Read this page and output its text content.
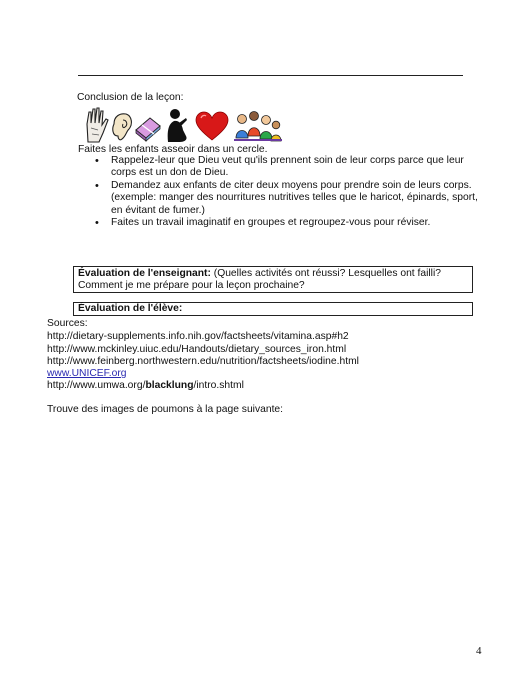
Conclusion de la leçon:
Faites les enfants asseoir dans un cercle.
• Rappelez-leur que Dieu veut qu'ils prennent soin de leur corps parce que leur corps est un don de Dieu.
• Demandez aux enfants de citer deux moyens pour prendre soin de leurs corps. (exemple: manger des nourritures nutritives telles que le haricot, épinards, sport, en évitant de fumer.)
• Faites un travail imaginatif en groupes et regroupez-vous pour réviser.
Évaluation de l'enseignant: (Quelles activités ont réussi? Lesquelles ont failli? Comment je me prépare pour la leçon prochaine?
Évaluation de l'élève:
Sources:
http://dietary-supplements.info.nih.gov/factsheets/vitamina.asp#h2
http://www.mckinley.uiuc.edu/Handouts/dietary_sources_iron.html
http://www.feinberg.northwestern.edu/nutrition/factsheets/iodine.html
www.UNICEF.org
http://www.umwa.org/blacklung/intro.shtml
Trouve des images de poumons à la page suivante:
4
